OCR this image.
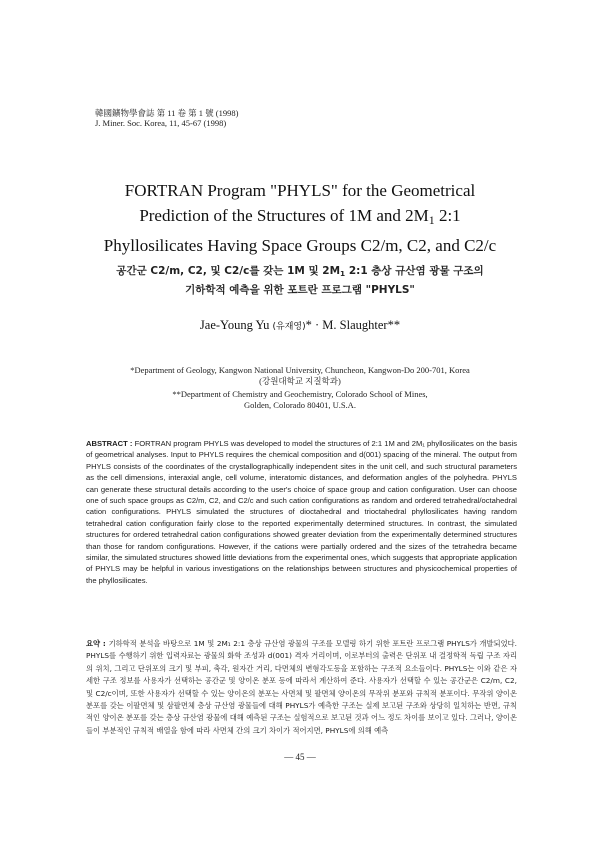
韓國鑛物學會誌 第 11 卷 第 1 號 (1998)
J. Miner. Soc. Korea, 11, 45-67 (1998)
FORTRAN Program "PHYLS" for the Geometrical
Prediction of the Structures of 1M and $2M_1$ 2:1
Phyllosilicates Having Space Groups C2/m, C2, and C2/c
공간군 C2/m, C2, 및 C2/c를 갖는 1M 및 $2M_1$ 2:1 층상 규산염 광물 구조의
기하학적 예측을 위한 포트란 프로그램 "PHYLS"
Jae-Young Yu (유재영)* · M. Slaughter**
*Department of Geology, Kangwon National University, Chuncheon, Kangwon-Do 200-701, Korea
(강원대학교 지질학과)
**Department of Chemistry and Geochemistry, Colorado School of Mines,
Golden, Colorado 80401, U.S.A.
ABSTRACT : FORTRAN program PHYLS was developed to model the structures of 2:1 1M and 2M₁ phyllosilicates on the basis of geometrical analyses. Input to PHYLS requires the chemical composition and d(001) spacing of the mineral. The output from PHYLS consists of the coordinates of the crystallographically independent sites in the unit cell, and such structural parameters as the cell dimensions, interaxial angle, cell volume, interatomic distances, and deformation angles of the polyhedra. PHYLS can generate these structural details according to the user's choice of space group and cation configuration. User can choose one of such space groups as C2/m, C2, and C2/c and such cation configurations as random and ordered tetrahedral/octahedral cation configurations. PHYLS simulated the structures of dioctahedral and trioctahedral phyllosilicates having random tetrahedral cation configuration fairly close to the reported experimentally determined structures. In contrast, the simulated structures for ordered tetrahedral cation configurations showed greater deviation from the experimentally determined structures than those for random configurations. However, if the cations were partially ordered and the sizes of the tetrahedra became similar, the simulated structures showed little deviations from the experimental ones, which suggests that appropriate application of PHYLS may be helpful in various investigations on the relationships between structures and physicochemical properties of the phyllosilicates.
요약 : 기하학적 분석을 바탕으로 1M 및 2M₁ 2:1 층상 규산염 광물의 구조를 모델링 하기 위한 포트란 프로그램 PHYLS가 개발되었다. PHYLS를 수행하기 위한 입력자료는 광물의 화학 조성과 d(001) 격자 거리이며, 이로부터의 출력은 단위포 내 결정학적 독립 구조 자리의 위치, 그리고 단위포의 크기 및 부피, 축각, 원자간 거리, 다면체의 변형각도등을 포함하는 구조적 요소들이다. PHYLS는 이와 같은 자세한 구조 정보를 사용자가 선택하는 공간군 및 양이온 분포 등에 따라서 계산하여 준다. 사용자가 선택할 수 있는 공간군은 C2/m, C2, 및 C2/c이며, 또한 사용자가 선택할 수 있는 양이온의 분포는 사면체 및 팔면체 양이온의 무작위 분포와 규칙적 분포이다. 무작위 양이온 분포를 갖는 이팔면체 및 삼팔면체 층상 규산염 광물들에 대해 PHYLS가 예측한 구조는 실제 보고된 구조와 상당히 일치하는 반면, 규칙적인 양이온 분포를 갖는 층상 규산염 광물에 대해 예측된 구조는 실험적으로 보고된 것과 어느 정도 차이를 보이고 있다. 그러나, 양이온들이 부분적인 규칙적 배열을 함에 따라 사면체 간의 크기 차이가 적어지면, PHYLS에 의해 예측
— 45 —
